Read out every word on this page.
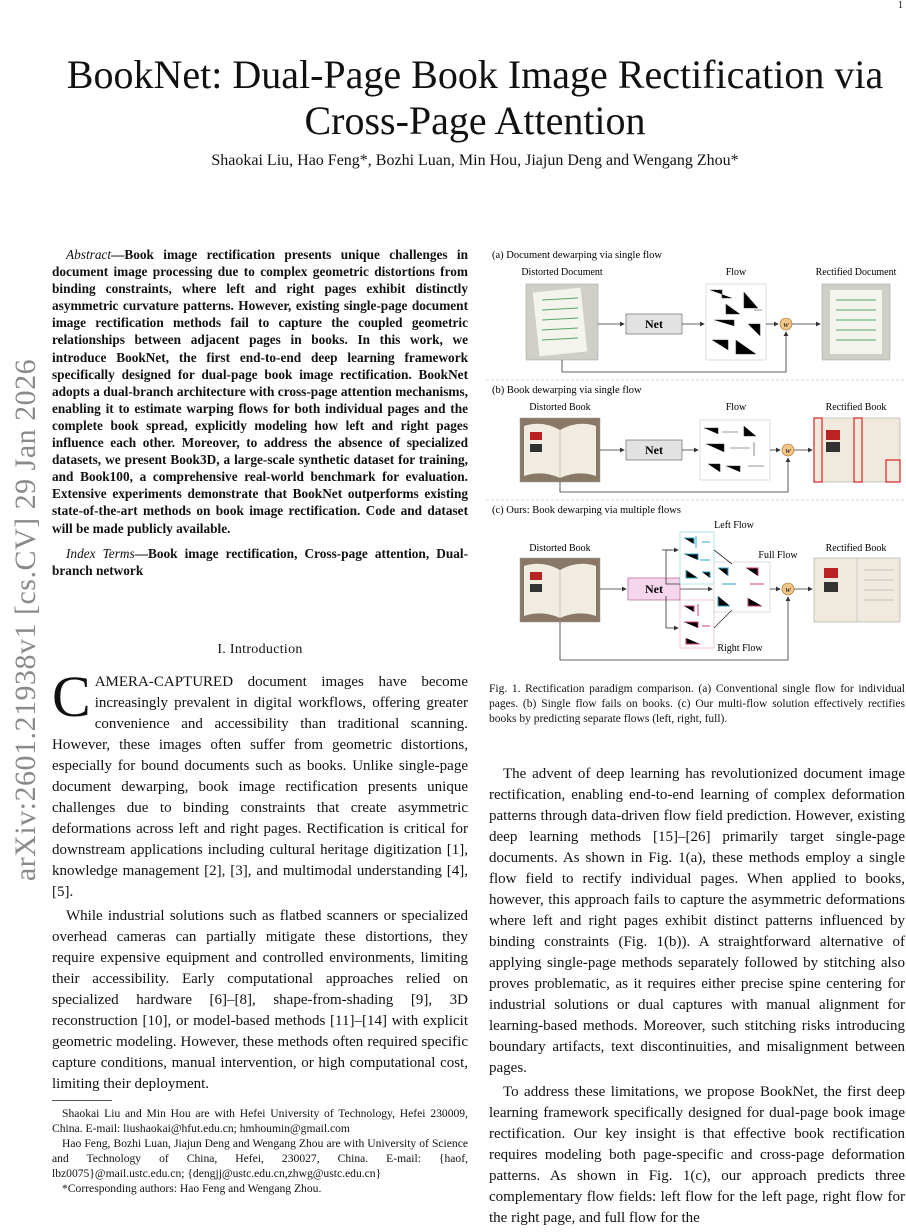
1
arXiv:2601.21938v1 [cs.CV] 29 Jan 2026
BookNet: Dual-Page Book Image Rectification via
Cross-Page Attention
Shaokai Liu, Hao Feng*, Bozhi Luan, Min Hou, Jiajun Deng and Wengang Zhou*

Abstract—Book image rectification presents unique challenges in document image processing due to complex geometric distortions from binding constraints, where left and right pages exhibit distinctly asymmetric curvature patterns. However, existing single-page document image rectification methods fail to capture the coupled geometric relationships between adjacent pages in books. In this work, we introduce BookNet, the first end-to-end deep learning framework specifically designed for dual-page book image rectification. BookNet adopts a dual-branch architecture with cross-page attention mechanisms, enabling it to estimate warping flows for both individual pages and the complete book spread, explicitly modeling how left and right pages influence each other. Moreover, to address the absence of specialized datasets, we present Book3D, a large-scale synthetic dataset for training, and Book100, a comprehensive real-world benchmark for evaluation. Extensive experiments demonstrate that BookNet outperforms existing state-of-the-art methods on book image rectification. Code and dataset will be made publicly available.

Index Terms—Book image rectification, Cross-page attention, Dual-branch network

I. Introduction

CAMERA-CAPTURED document images have become increasingly prevalent in digital workflows, offering greater convenience and accessibility than traditional scanning. However, these images often suffer from geometric distortions, especially for bound documents such as books. Unlike single-page document dewarping, book image rectification presents unique challenges due to binding constraints that create asymmetric deformations across left and right pages. Rectification is critical for downstream applications including cultural heritage digitization [1], knowledge management [2], [3], and multimodal understanding [4], [5].

While industrial solutions such as flatbed scanners or specialized overhead cameras can partially mitigate these distortions, they require expensive equipment and controlled environments, limiting their accessibility. Early computational approaches relied on specialized hardware [6]–[8], shape-from-shading [9], 3D reconstruction [10], or model-based methods [11]–[14] with explicit geometric modeling. However, these methods often required specific capture conditions, manual intervention, or high computational cost, limiting their deployment.

Shaokai Liu and Min Hou are with Hefei University of Technology, Hefei 230009, China. E-mail: liushaokai@hfut.edu.cn; hmhoumin@gmail.com

Hao Feng, Bozhi Luan, Jiajun Deng and Wengang Zhou are with University of Science and Technology of China, Hefei, 230027, China. E-mail: {haof, lbz0075}@mail.ustc.edu.cn; {dengjj@ustc.edu.cn,zhwg@ustc.edu.cn}

*Corresponding authors: Hao Feng and Wengang Zhou.

(a) Document dewarping via single flow
Distorted Document	Flow	Rectified Document
Net	w
(b) Book dewarping via single flow
Distorted Book	Flow	Rectified Book
Net	w
(c) Ours: Book dewarping via multiple flows
Left Flow
Distorted Book
Full Flow
Rectified Book
Net	w
Right Flow
Fig. 1. Rectification paradigm comparison. (a) Conventional single flow for individual pages. (b) Single flow fails on books. (c) Our multi-flow solution effectively rectifies books by predicting separate flows (left, right, full).

The advent of deep learning has revolutionized document image rectification, enabling end-to-end learning of complex deformation patterns through data-driven flow field prediction. However, existing deep learning methods [15]–[26] primarily target single-page documents. As shown in Fig. 1(a), these methods employ a single flow field to rectify individual pages. When applied to books, however, this approach fails to capture the asymmetric deformations where left and right pages exhibit distinct patterns influenced by binding constraints (Fig. 1(b)). A straightforward alternative of applying single-page methods separately followed by stitching also proves problematic, as it requires either precise spine centering for industrial solutions or dual captures with manual alignment for learning-based methods. Moreover, such stitching risks introducing boundary artifacts, text discontinuities, and misalignment between pages.

To address these limitations, we propose BookNet, the first deep learning framework specifically designed for dual-page book image rectification. Our key insight is that effective book rectification requires modeling both page-specific and cross-page deformation patterns. As shown in Fig. 1(c), our approach predicts three complementary flow fields: left flow for the left page, right flow for the right page, and full flow for the
